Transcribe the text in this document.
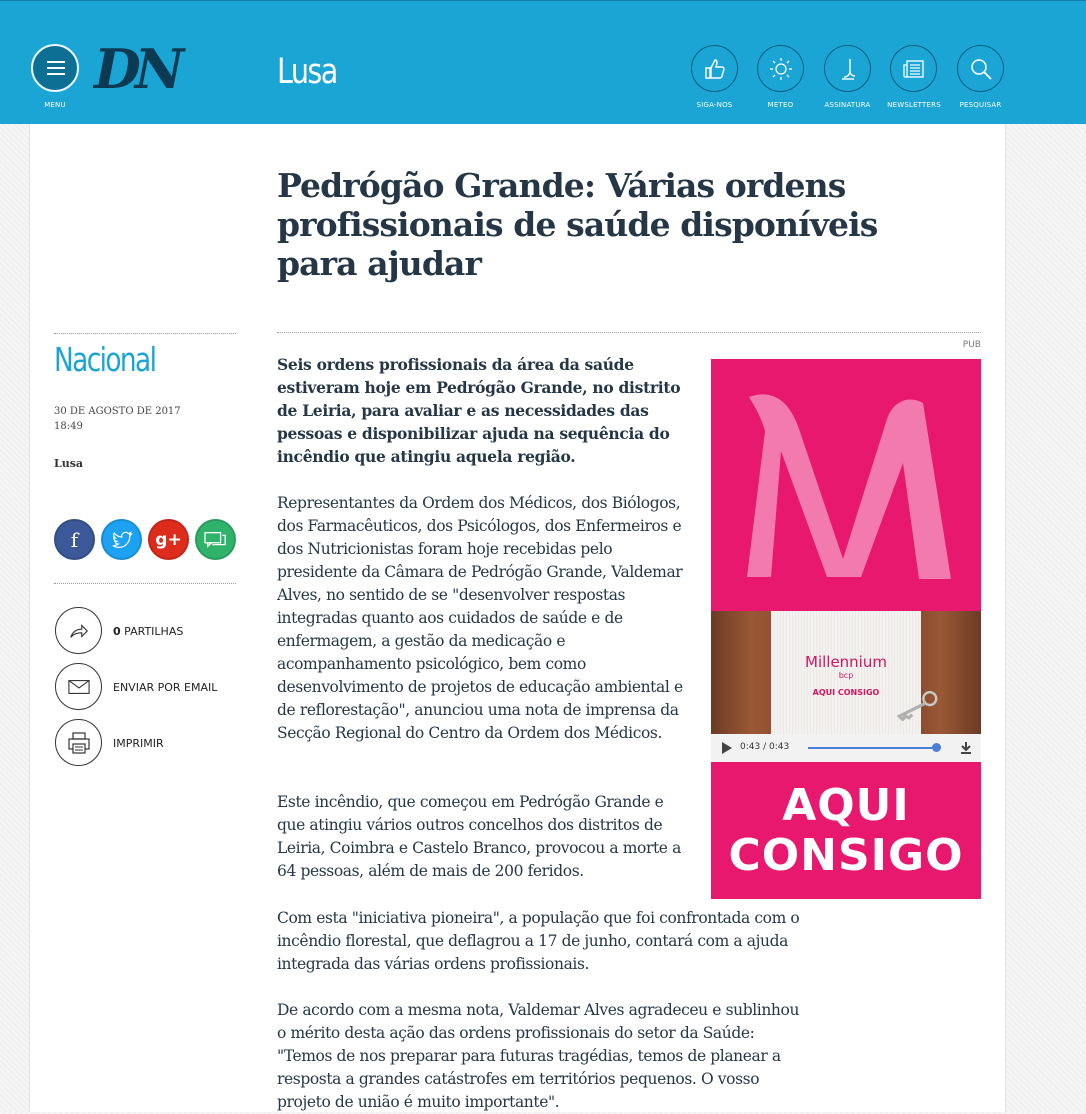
MENU
DN	Lusa
SIGA-NOS	METEO	ASSINATURA	NEWSLETTERS	PESQUISAR
Pedrógão Grande: Várias ordens profissionais de saúde disponíveis para ajudar
Nacional
30 DE AGOSTO DE 2017
18:49
Lusa
f	g+
0 PARTILHAS
ENVIAR POR EMAIL
IMPRIMIR

Seis ordens profissionais da área da saúde estiveram hoje em Pedrógão Grande, no distrito de Leiria, para avaliar e as necessidades das pessoas e disponibilizar ajuda na sequência do incêndio que atingiu aquela região.

Representantes da Ordem dos Médicos, dos Biólogos, dos Farmacêuticos, dos Psicólogos, dos Enfermeiros e dos Nutricionistas foram hoje recebidas pelo presidente da Câmara de Pedrógão Grande, Valdemar Alves, no sentido de se "desenvolver respostas integradas quanto aos cuidados de saúde e de enfermagem, a gestão da medicação e acompanhamento psicológico, bem como desenvolvimento de projetos de educação ambiental e de reflorestação", anunciou uma nota de imprensa da Secção Regional do Centro da Ordem dos Médicos.

Este incêndio, que começou em Pedrógão Grande e que atingiu vários outros concelhos dos distritos de Leiria, Coimbra e Castelo Branco, provocou a morte a 64 pessoas, além de mais de 200 feridos.

Com esta "iniciativa pioneira", a população que foi confrontada com o incêndio florestal, que deflagrou a 17 de junho, contará com a ajuda integrada das várias ordens profissionais.

De acordo com a mesma nota, Valdemar Alves agradeceu e sublinhou o mérito desta ação das ordens profissionais do setor da Saúde: "Temos de nos preparar para futuras tragédias, temos de planear a resposta a grandes catástrofes em territórios pequenos. O vosso projeto de união é muito importante".

PUB
Millennium
bcp
AQUI CONSIGO
0:43 / 0:43
AQUI
CONSIGO
